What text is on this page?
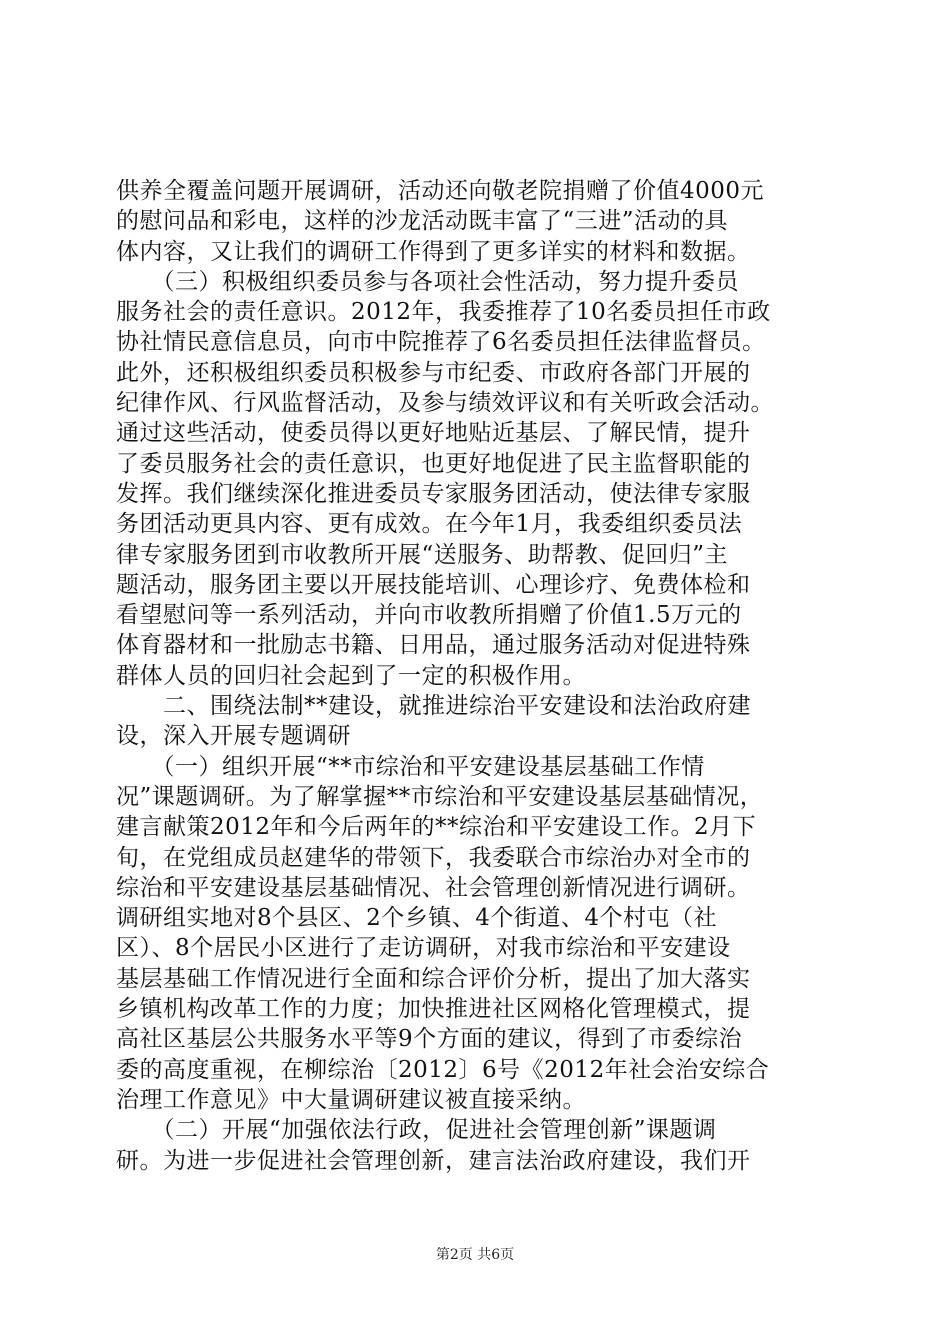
供养全覆盖问题开展调研，活动还向敬老院捐赠了价值4000元
的慰问品和彩电，这样的沙龙活动既丰富了“三进”活动的具
体内容，又让我们的调研工作得到了更多详实的材料和数据。
　　（三）积极组织委员参与各项社会性活动，努力提升委员
服务社会的责任意识。2012年，我委推荐了10名委员担任市政
协社情民意信息员，向市中院推荐了6名委员担任法律监督员。
此外，还积极组织委员积极参与市纪委、市政府各部门开展的
纪律作风、行风监督活动，及参与绩效评议和有关听政会活动。
通过这些活动，使委员得以更好地贴近基层、了解民情，提升
了委员服务社会的责任意识，也更好地促进了民主监督职能的
发挥。我们继续深化推进委员专家服务团活动，使法律专家服
务团活动更具内容、更有成效。在今年1月，我委组织委员法
律专家服务团到市收教所开展“送服务、助帮教、促回归”主
题活动，服务团主要以开展技能培训、心理诊疗、免费体检和
看望慰问等一系列活动，并向市收教所捐赠了价值1.5万元的
体育器材和一批励志书籍、日用品，通过服务活动对促进特殊
群体人员的回归社会起到了一定的积极作用。
　　二、围绕法制**建设，就推进综治平安建设和法治政府建
设，深入开展专题调研
　　（一）组织开展“**市综治和平安建设基层基础工作情
况”课题调研。为了解掌握**市综治和平安建设基层基础情况，
建言献策2012年和今后两年的**综治和平安建设工作。2月下
旬，在党组成员赵建华的带领下，我委联合市综治办对全市的
综治和平安建设基层基础情况、社会管理创新情况进行调研。
调研组实地对8个县区、2个乡镇、4个街道、4个村屯（社
区）、8个居民小区进行了走访调研，对我市综治和平安建设
基层基础工作情况进行全面和综合评价分析，提出了加大落实
乡镇机构改革工作的力度；加快推进社区网格化管理模式，提
高社区基层公共服务水平等9个方面的建议，得到了市委综治
委的高度重视，在柳综治〔2012〕6号《2012年社会治安综合
治理工作意见》中大量调研建议被直接采纳。
　　（二）开展“加强依法行政，促进社会管理创新”课题调
研。为进一步促进社会管理创新，建言法治政府建设，我们开
第2页 共6页
